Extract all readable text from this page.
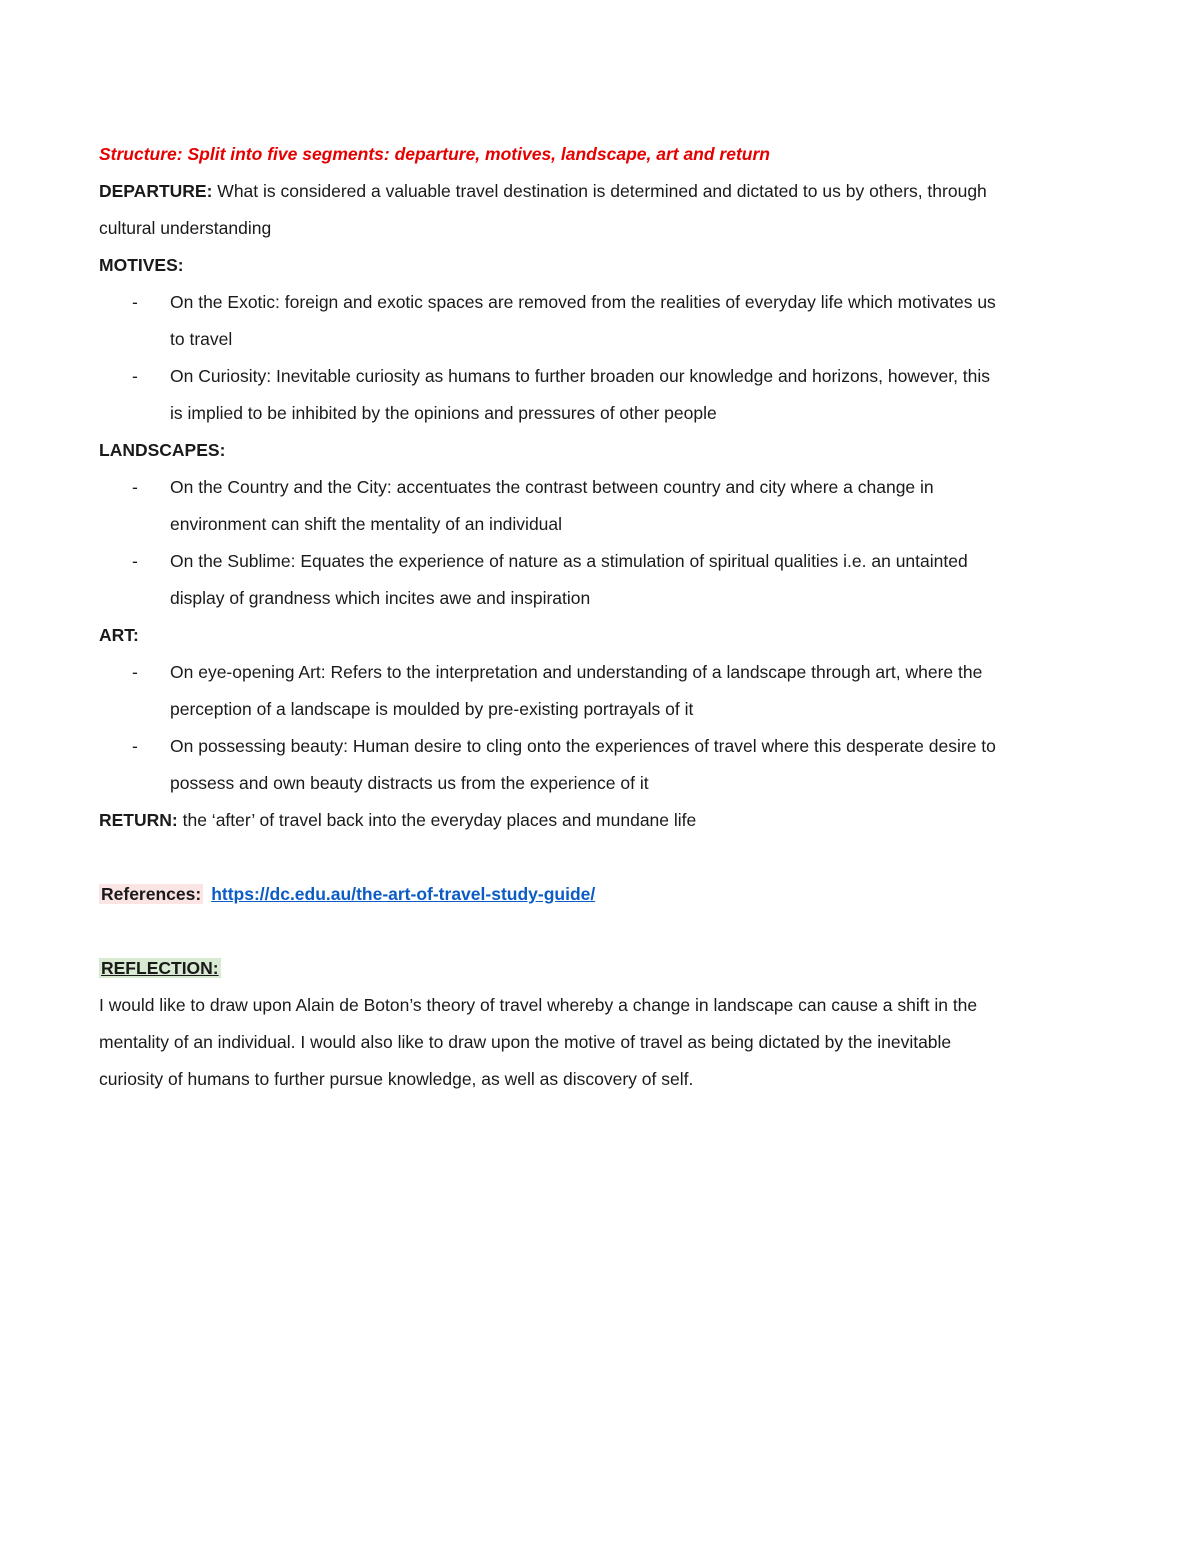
Structure: Split into five segments: departure, motives, landscape, art and return

DEPARTURE: What is considered a valuable travel destination is determined and dictated to us by others, through

cultural understanding

MOTIVES:

- On the Exotic: foreign and exotic spaces are removed from the realities of everyday life which motivates us

to travel

- On Curiosity: Inevitable curiosity as humans to further broaden our knowledge and horizons, however, this

is implied to be inhibited by the opinions and pressures of other people

LANDSCAPES:

- On the Country and the City: accentuates the contrast between country and city where a change in

environment can shift the mentality of an individual

- On the Sublime: Equates the experience of nature as a stimulation of spiritual qualities i.e. an untainted

display of grandness which incites awe and inspiration

ART:

- On eye-opening Art: Refers to the interpretation and understanding of a landscape through art, where the

perception of a landscape is moulded by pre-existing portrayals of it

- On possessing beauty: Human desire to cling onto the experiences of travel where this desperate desire to

possess and own beauty distracts us from the experience of it

RETURN: the ‘after’ of travel back into the everyday places and mundane life

References: https://dc.edu.au/the-art-of-travel-study-guide/

REFLECTION:

I would like to draw upon Alain de Boton’s theory of travel whereby a change in landscape can cause a shift in the

mentality of an individual. I would also like to draw upon the motive of travel as being dictated by the inevitable

curiosity of humans to further pursue knowledge, as well as discovery of self.
